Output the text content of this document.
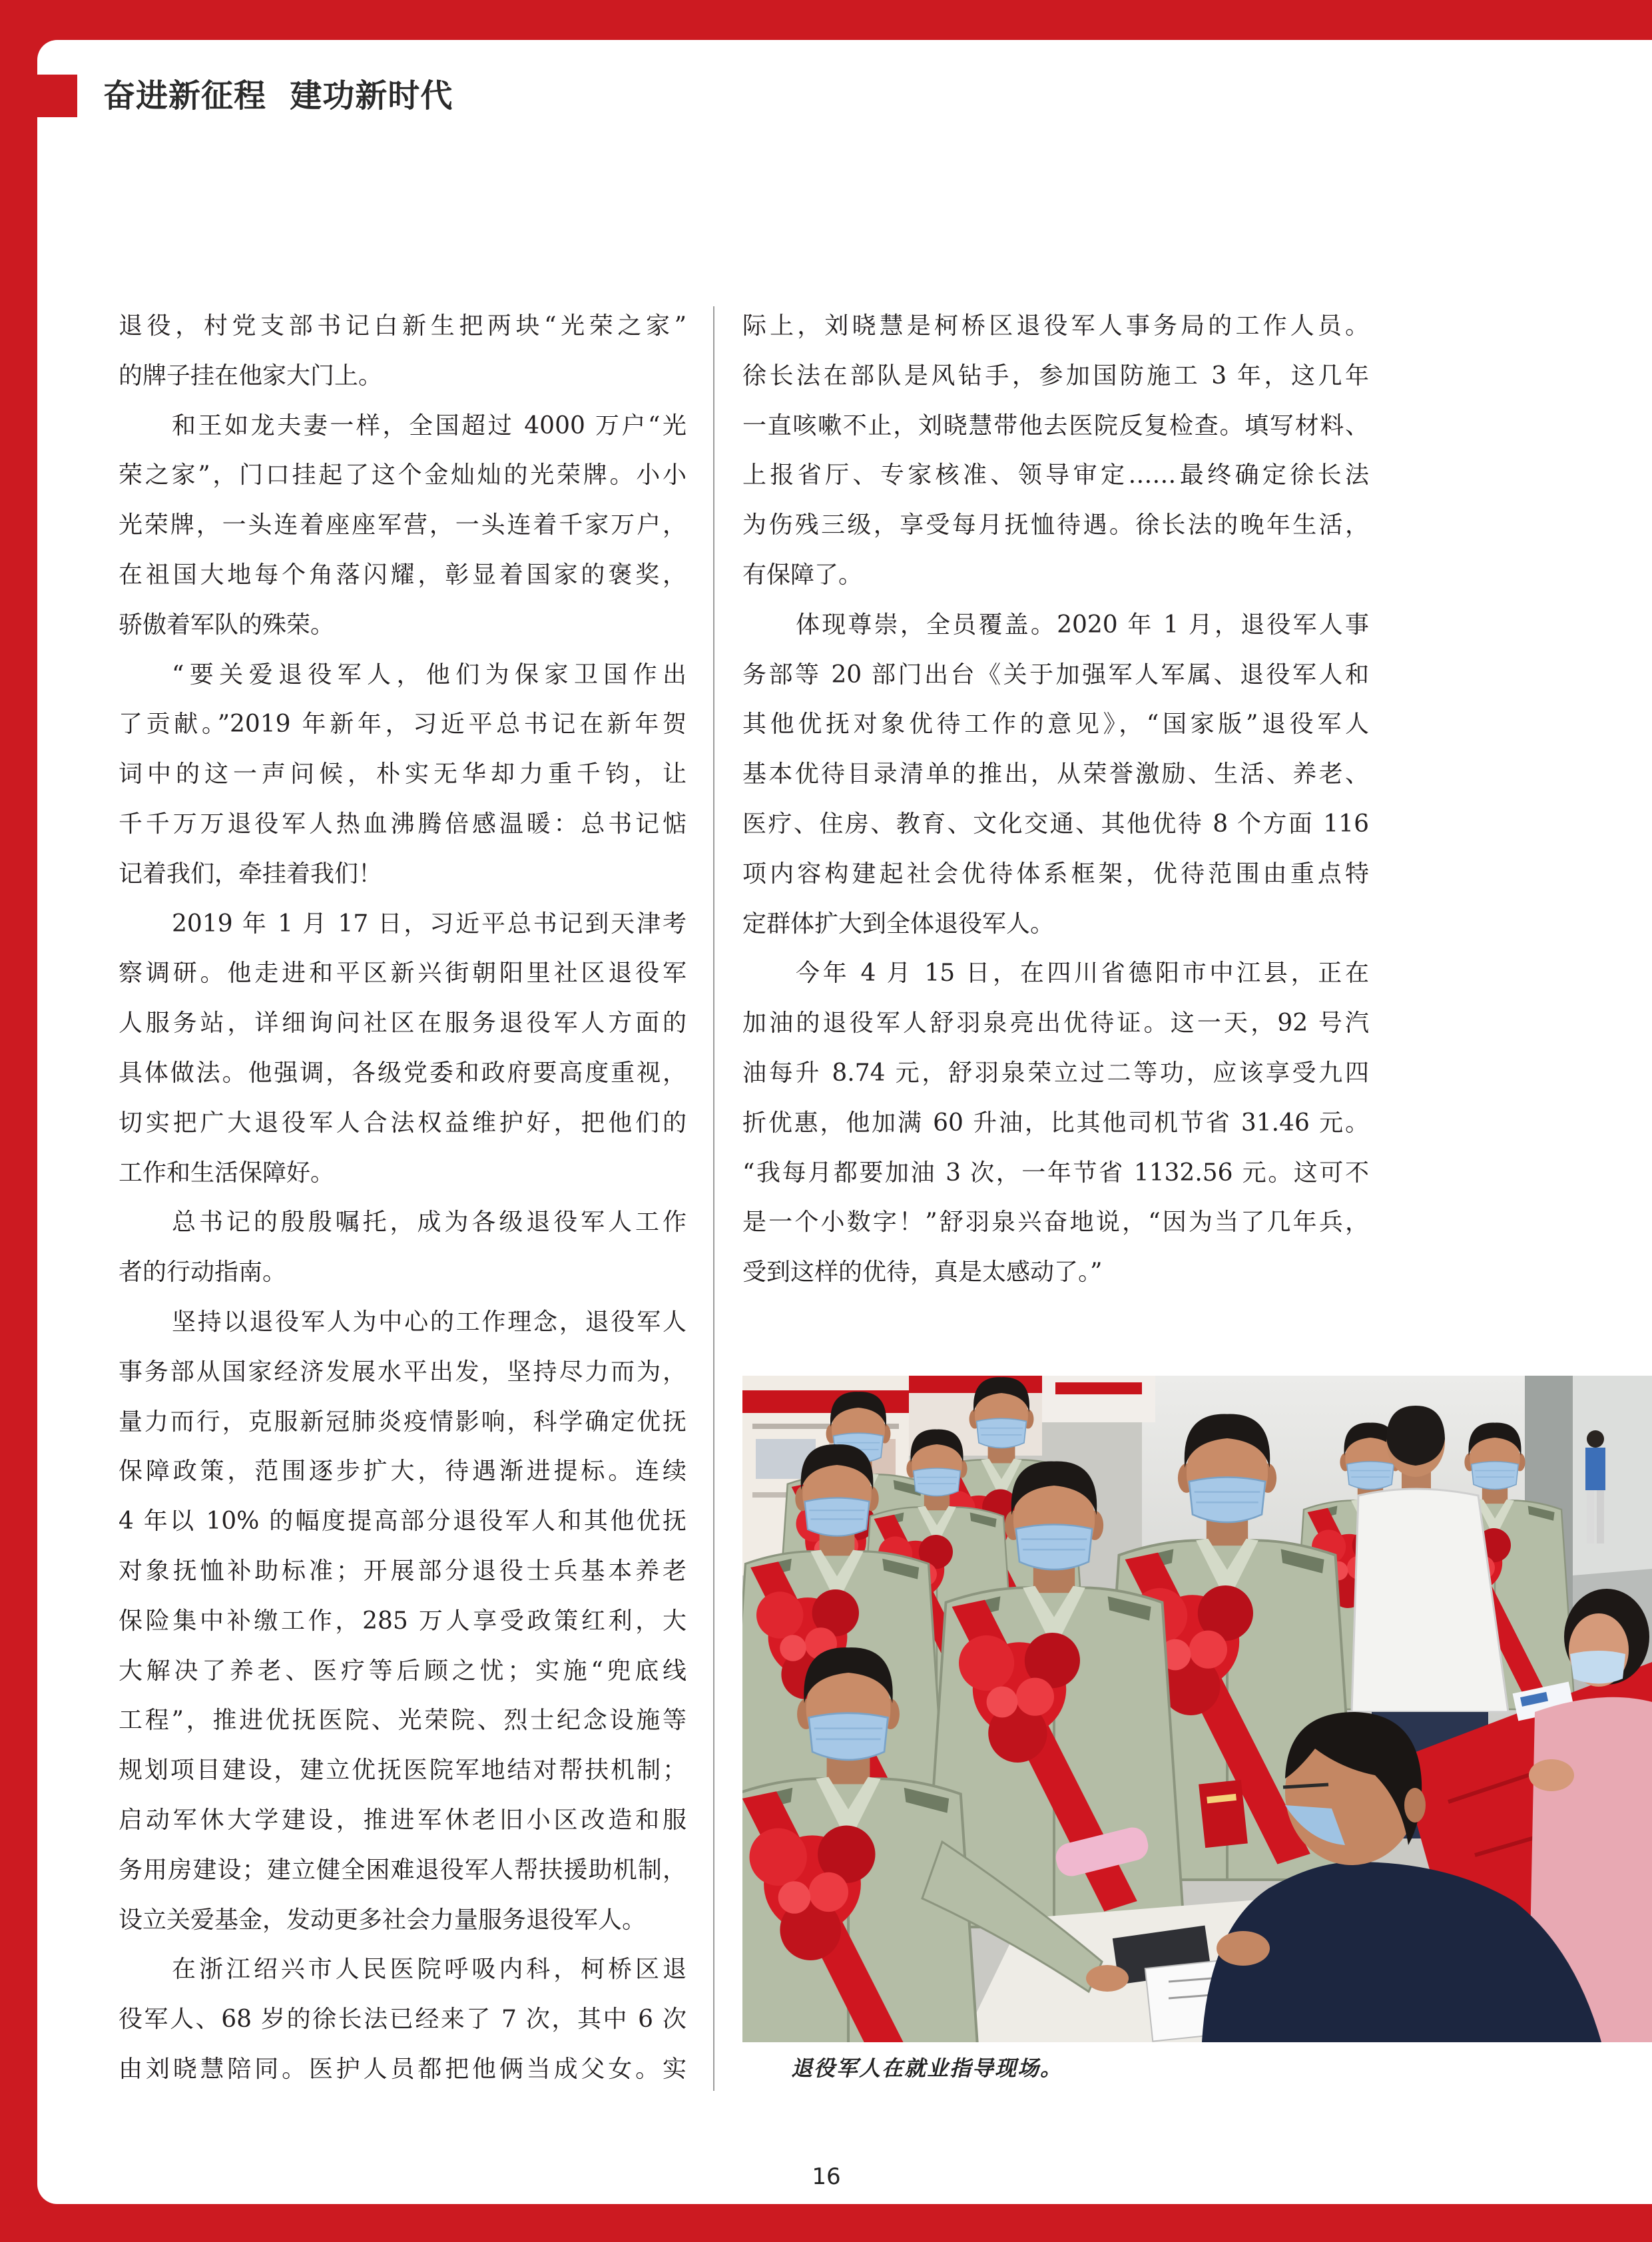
奋进新征程  建功新时代
退役，村党支部书记白新生把两块“光荣之家”
的牌子挂在他家大门上。
和王如龙夫妻一样，全国超过 4000 万户“光
荣之家”，门口挂起了这个金灿灿的光荣牌。小小
光荣牌，一头连着座座军营，一头连着千家万户，
在祖国大地每个角落闪耀，彰显着国家的褒奖，
骄傲着军队的殊荣。
“要关爱退役军人，他们为保家卫国作出
了贡献。”2019 年新年，习近平总书记在新年贺
词中的这一声问候，朴实无华却力重千钧，让
千千万万退役军人热血沸腾倍感温暖：总书记惦
记着我们，牵挂着我们！
2019 年 1 月 17 日，习近平总书记到天津考
察调研。他走进和平区新兴街朝阳里社区退役军
人服务站，详细询问社区在服务退役军人方面的
具体做法。他强调，各级党委和政府要高度重视，
切实把广大退役军人合法权益维护好，把他们的
工作和生活保障好。
总书记的殷殷嘱托，成为各级退役军人工作
者的行动指南。
坚持以退役军人为中心的工作理念，退役军人
事务部从国家经济发展水平出发，坚持尽力而为，
量力而行，克服新冠肺炎疫情影响，科学确定优抚
保障政策，范围逐步扩大，待遇渐进提标。连续
4 年以 10% 的幅度提高部分退役军人和其他优抚
对象抚恤补助标准；开展部分退役士兵基本养老
保险集中补缴工作，285 万人享受政策红利，大
大解决了养老、医疗等后顾之忧；实施“兜底线
工程”，推进优抚医院、光荣院、烈士纪念设施等
规划项目建设，建立优抚医院军地结对帮扶机制；
启动军休大学建设，推进军休老旧小区改造和服
务用房建设；建立健全困难退役军人帮扶援助机制，
设立关爱基金，发动更多社会力量服务退役军人。
在浙江绍兴市人民医院呼吸内科，柯桥区退
役军人、68 岁的徐长法已经来了 7 次，其中 6 次
由刘晓慧陪同。医护人员都把他俩当成父女。实
际上，刘晓慧是柯桥区退役军人事务局的工作人员。
徐长法在部队是风钻手，参加国防施工 3 年，这几年
一直咳嗽不止，刘晓慧带他去医院反复检查。填写材料、
上报省厅、专家核准、领导审定……最终确定徐长法
为伤残三级，享受每月抚恤待遇。徐长法的晚年生活，
有保障了。
体现尊崇，全员覆盖。2020 年 1 月，退役军人事
务部等 20 部门出台《关于加强军人军属、退役军人和
其他优抚对象优待工作的意见》，“国家版”退役军人
基本优待目录清单的推出，从荣誉激励、生活、养老、
医疗、住房、教育、文化交通、其他优待 8 个方面 116
项内容构建起社会优待体系框架，优待范围由重点特
定群体扩大到全体退役军人。
今年 4 月 15 日，在四川省德阳市中江县，正在
加油的退役军人舒羽泉亮出优待证。这一天，92 号汽
油每升 8.74 元，舒羽泉荣立过二等功，应该享受九四
折优惠，他加满 60 升油，比其他司机节省 31.46 元。
“我每月都要加油 3 次，一年节省 1132.56 元。这可不
是一个小数字！”舒羽泉兴奋地说，“因为当了几年兵，
受到这样的优待，真是太感动了。”
退役军人在就业指导现场。
16
